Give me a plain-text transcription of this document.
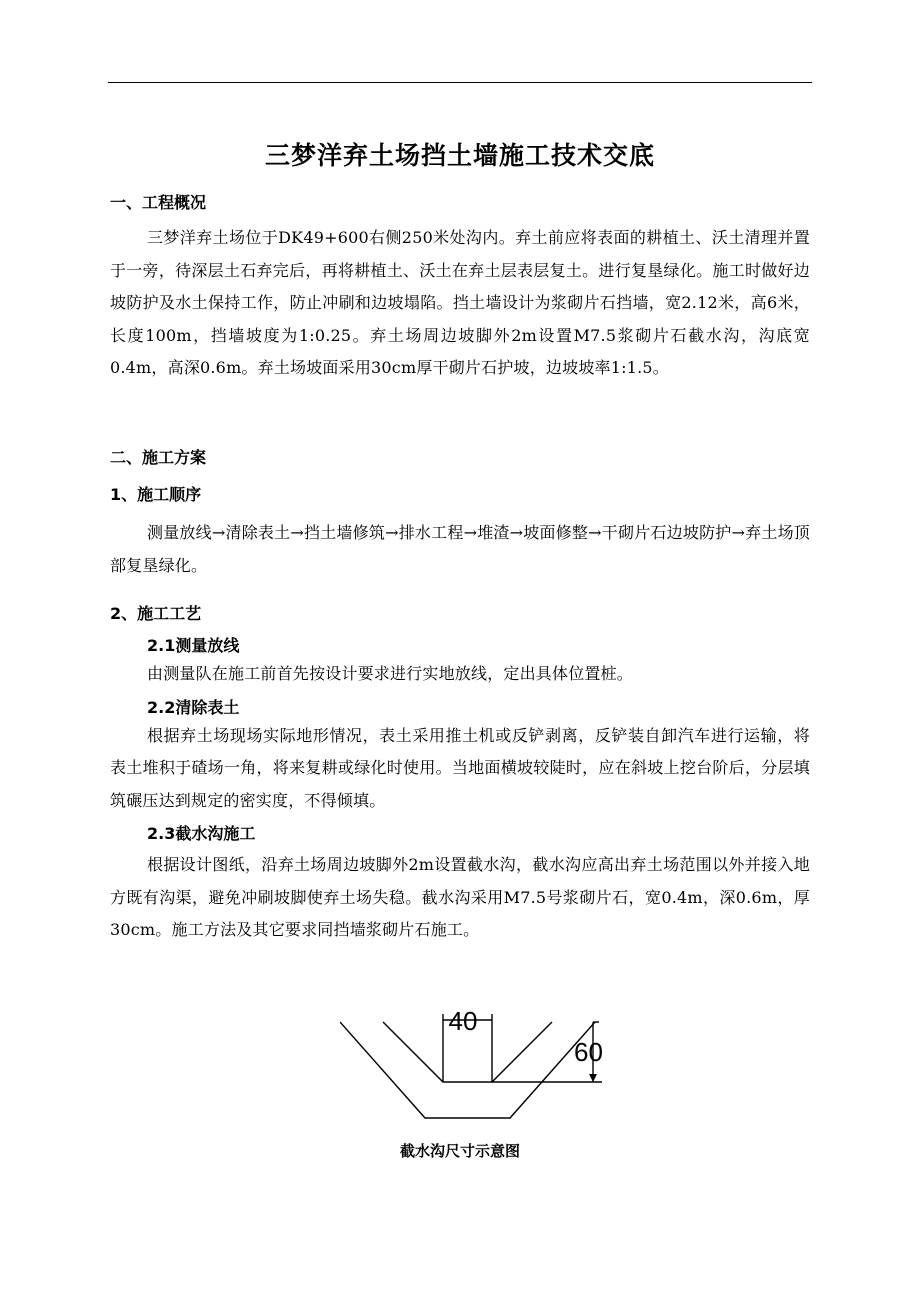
三梦洋弃土场挡土墙施工技术交底
一、工程概况

三梦洋弃土场位于DK49+600右侧250米处沟内。弃土前应将表面的耕植土、沃土清理并置于一旁，待深层土石弃完后，再将耕植土、沃土在弃土层表层复土。进行复垦绿化。施工时做好边坡防护及水土保持工作，防止冲刷和边坡塌陷。挡土墙设计为浆砌片石挡墙，宽2.12米，高6米，长度100m，挡墙坡度为1:0.25。弃土场周边坡脚外2m设置M7.5浆砌片石截水沟，沟底宽0.4m，高深0.6m。弃土场坡面采用30cm厚干砌片石护坡，边坡坡率1:1.5。

二、施工方案
1、施工顺序

测量放线→清除表土→挡土墙修筑→排水工程→堆渣→坡面修整→干砌片石边坡防护→弃土场顶部复垦绿化。

2、施工工艺
2.1测量放线

由测量队在施工前首先按设计要求进行实地放线，定出具体位置桩。

2.2清除表土

根据弃土场现场实际地形情况，表土采用推土机或反铲剥离，反铲装自卸汽车进行运输，将表土堆积于碴场一角，将来复耕或绿化时使用。当地面横坡较陡时，应在斜坡上挖台阶后，分层填筑碾压达到规定的密实度，不得倾填。

2.3截水沟施工

根据设计图纸，沿弃土场周边坡脚外2m设置截水沟，截水沟应高出弃土场范围以外并接入地方既有沟渠，避免冲刷坡脚使弃土场失稳。截水沟采用M7.5号浆砌片石，宽0.4m，深0.6m，厚30cm。施工方法及其它要求同挡墙浆砌片石施工。

40
60
截水沟尺寸示意图
